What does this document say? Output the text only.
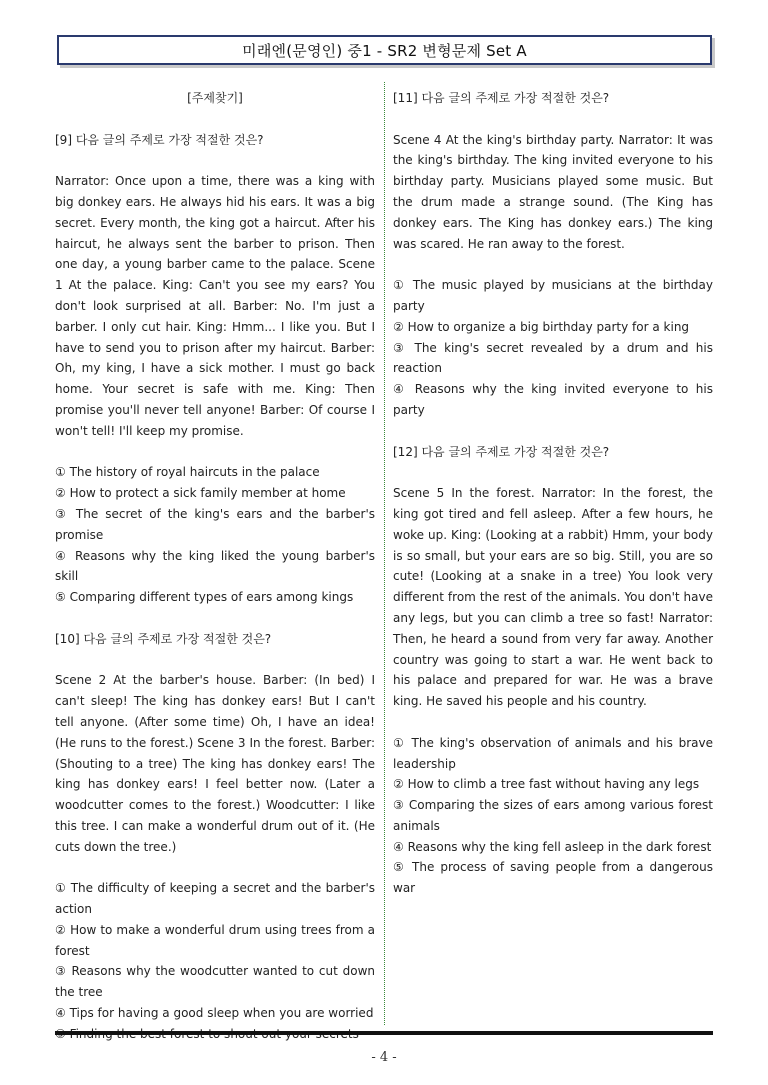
미래엔(문영인) 중1 - SR2 변형문제 Set A

[주제찾기]

[9] 다음 글의 주제로 가장 적절한 것은?

Narrator: Once upon a time, there was a king with big donkey ears. He always hid his ears. It was a big secret. Every month, the king got a haircut. After his haircut, he always sent the barber to prison. Then one day, a young barber came to the palace. Scene 1 At the palace. King: Can't you see my ears? You don't look surprised at all. Barber: No. I'm just a barber. I only cut hair. King: Hmm... I like you. But I have to send you to prison after my haircut. Barber: Oh, my king, I have a sick mother. I must go back home. Your secret is safe with me. King: Then promise you'll never tell anyone! Barber: Of course I won't tell! I'll keep my promise.

① The history of royal haircuts in the palace

② How to protect a sick family member at home

③ The secret of the king's ears and the barber's promise

④ Reasons why the king liked the young barber's skill

⑤ Comparing different types of ears among kings

[10] 다음 글의 주제로 가장 적절한 것은?

Scene 2 At the barber's house. Barber: (In bed) I can't sleep! The king has donkey ears! But I can't tell anyone. (After some time) Oh, I have an idea! (He runs to the forest.) Scene 3 In the forest. Barber: (Shouting to a tree) The king has donkey ears! The king has donkey ears! I feel better now. (Later a woodcutter comes to the forest.) Woodcutter: I like this tree. I can make a wonderful drum out of it. (He cuts down the tree.)

① The difficulty of keeping a secret and the barber's action

② How to make a wonderful drum using trees from a forest

③ Reasons why the woodcutter wanted to cut down the tree

④ Tips for having a good sleep when you are worried

[11] 다음 글의 주제로 가장 적절한 것은?

Scene 4 At the king's birthday party. Narrator: It was the king's birthday. The king invited everyone to his birthday party. Musicians played some music. But the drum made a strange sound. (The King has donkey ears. The King has donkey ears.) The king was scared. He ran away to the forest.

① The music played by musicians at the birthday party

② How to organize a big birthday party for a king

③ The king's secret revealed by a drum and his reaction

④ Reasons why the king invited everyone to his party

[12] 다음 글의 주제로 가장 적절한 것은?

Scene 5 In the forest. Narrator: In the forest, the king got tired and fell asleep. After a few hours, he woke up. King: (Looking at a rabbit) Hmm, your body is so small, but your ears are so big. Still, you are so cute! (Looking at a snake in a tree) You look very different from the rest of the animals. You don't have any legs, but you can climb a tree so fast! Narrator: Then, he heard a sound from very far away. Another country was going to start a war. He went back to his palace and prepared for war. He was a brave king. He saved his people and his country.

① The king's observation of animals and his brave leadership

② How to climb a tree fast without having any legs

③ Comparing the sizes of ears among various forest animals

④ Reasons why the king fell asleep in the dark forest

⑤ The process of saving people from a dangerous war

- 4 -
